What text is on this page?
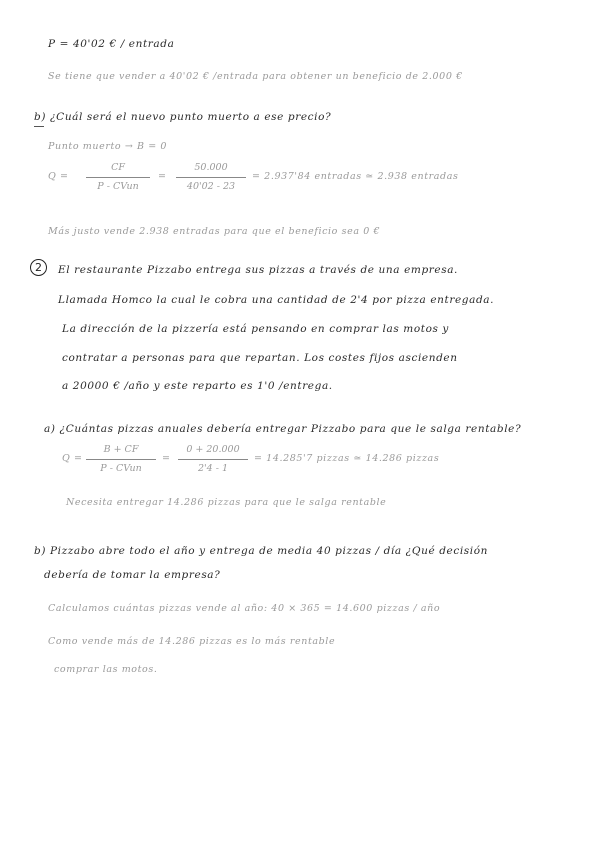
P = 40'02 € / entrada
Se tiene que vender a 40'02 € /entrada para obtener un beneficio de 2.000 €
b) ¿Cuál será el nuevo punto muerto a ese precio?
Punto muerto → B = 0
Q =
CF
P - CVun
=
50.000
40'02 - 23
= 2.937'84 entradas ≃ 2.938 entradas
Más justo vende 2.938 entradas para que el beneficio sea 0 €
2	El restaurante Pizzabo entrega sus pizzas a través de una empresa.
Llamada Homco la cual le cobra una cantidad de 2'4 por pizza entregada.
La dirección de la pizzería está pensando en comprar las motos y
contratar a personas para que repartan. Los costes fijos ascienden
a 20000 € /año y este reparto es 1'0 /entrega.
a) ¿Cuántas pizzas anuales debería entregar Pizzabo para que le salga rentable?
Q =
B + CF
P - CVun
=
0 + 20.000
2'4 - 1
= 14.285'7 pizzas ≃ 14.286 pizzas
Necesita entregar 14.286 pizzas para que le salga rentable
b) Pizzabo abre todo el año y entrega de media 40 pizzas / día ¿Qué decisión
debería de tomar la empresa?
Calculamos cuántas pizzas vende al año: 40 × 365 = 14.600 pizzas / año
Como vende más de 14.286 pizzas es lo más rentable
comprar las motos.
